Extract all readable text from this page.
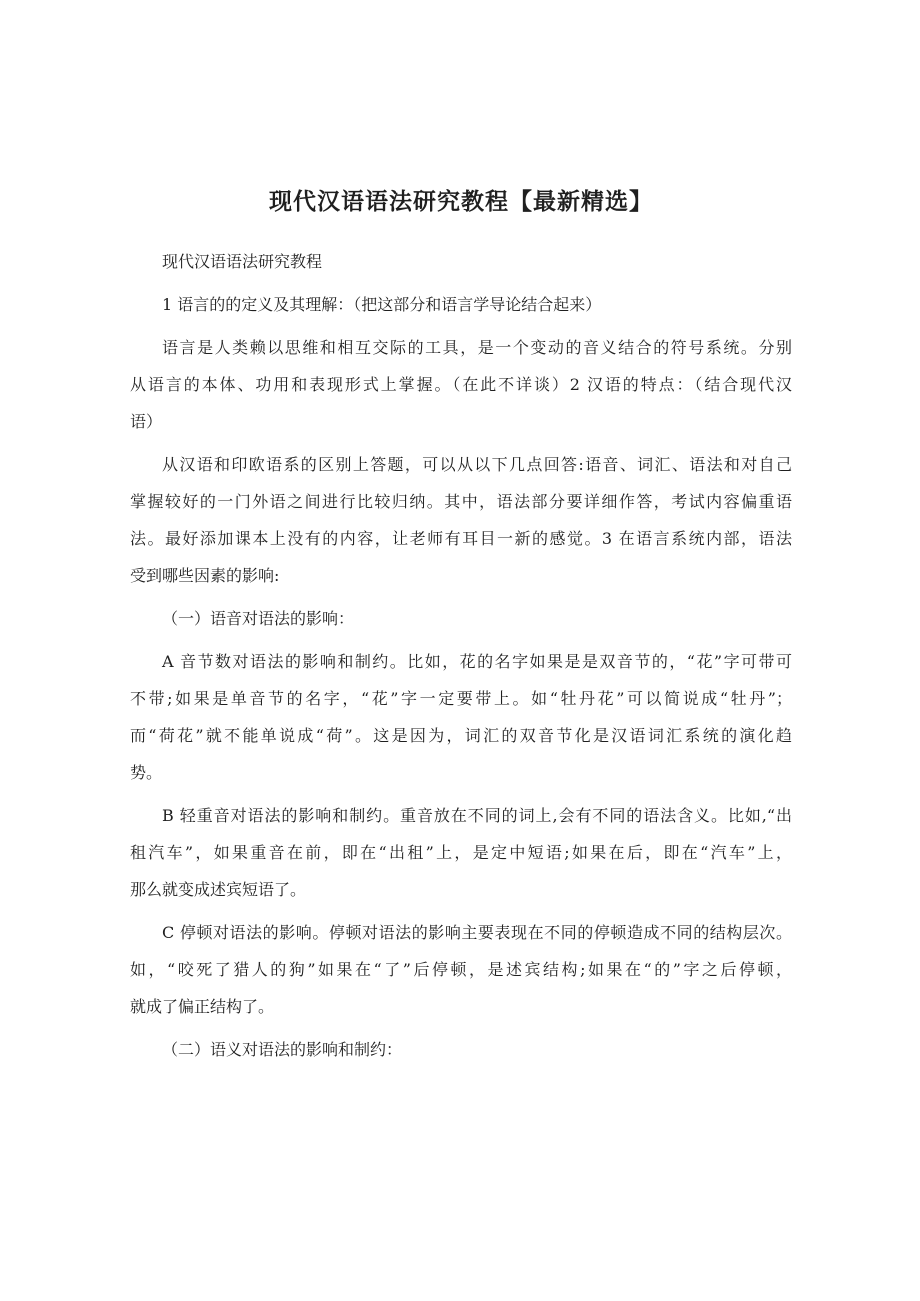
现代汉语语法研究教程【最新精选】
现代汉语语法研究教程
1 语言的的定义及其理解：（把这部分和语言学导论结合起来）
语言是人类赖以思维和相互交际的工具，是一个变动的音义结合的符号系统。分别
从语言的本体、功用和表现形式上掌握。（在此不详谈）2 汉语的特点：（结合现代汉
语）
从汉语和印欧语系的区别上答题，可以从以下几点回答:语音、词汇、语法和对自己
掌握较好的一门外语之间进行比较归纳。其中，语法部分要详细作答，考试内容偏重语
法。最好添加课本上没有的内容，让老师有耳目一新的感觉。3 在语言系统内部，语法
受到哪些因素的影响:
（一）语音对语法的影响：
A 音节数对语法的影响和制约。比如，花的名字如果是是双音节的，“花”字可带可
不带;如果是单音节的名字，“花”字一定要带上。如“牡丹花”可以简说成“牡丹”；
而“荷花”就不能单说成“荷”。这是因为，词汇的双音节化是汉语词汇系统的演化趋
势。
B 轻重音对语法的影响和制约。重音放在不同的词上,会有不同的语法含义。比如,“出
租汽车”，如果重音在前，即在“出租”上，是定中短语;如果在后，即在“汽车”上，
那么就变成述宾短语了。
C 停顿对语法的影响。停顿对语法的影响主要表现在不同的停顿造成不同的结构层次。
如，“咬死了猎人的狗”如果在“了”后停顿，是述宾结构;如果在“的”字之后停顿，
就成了偏正结构了。
（二）语义对语法的影响和制约：
